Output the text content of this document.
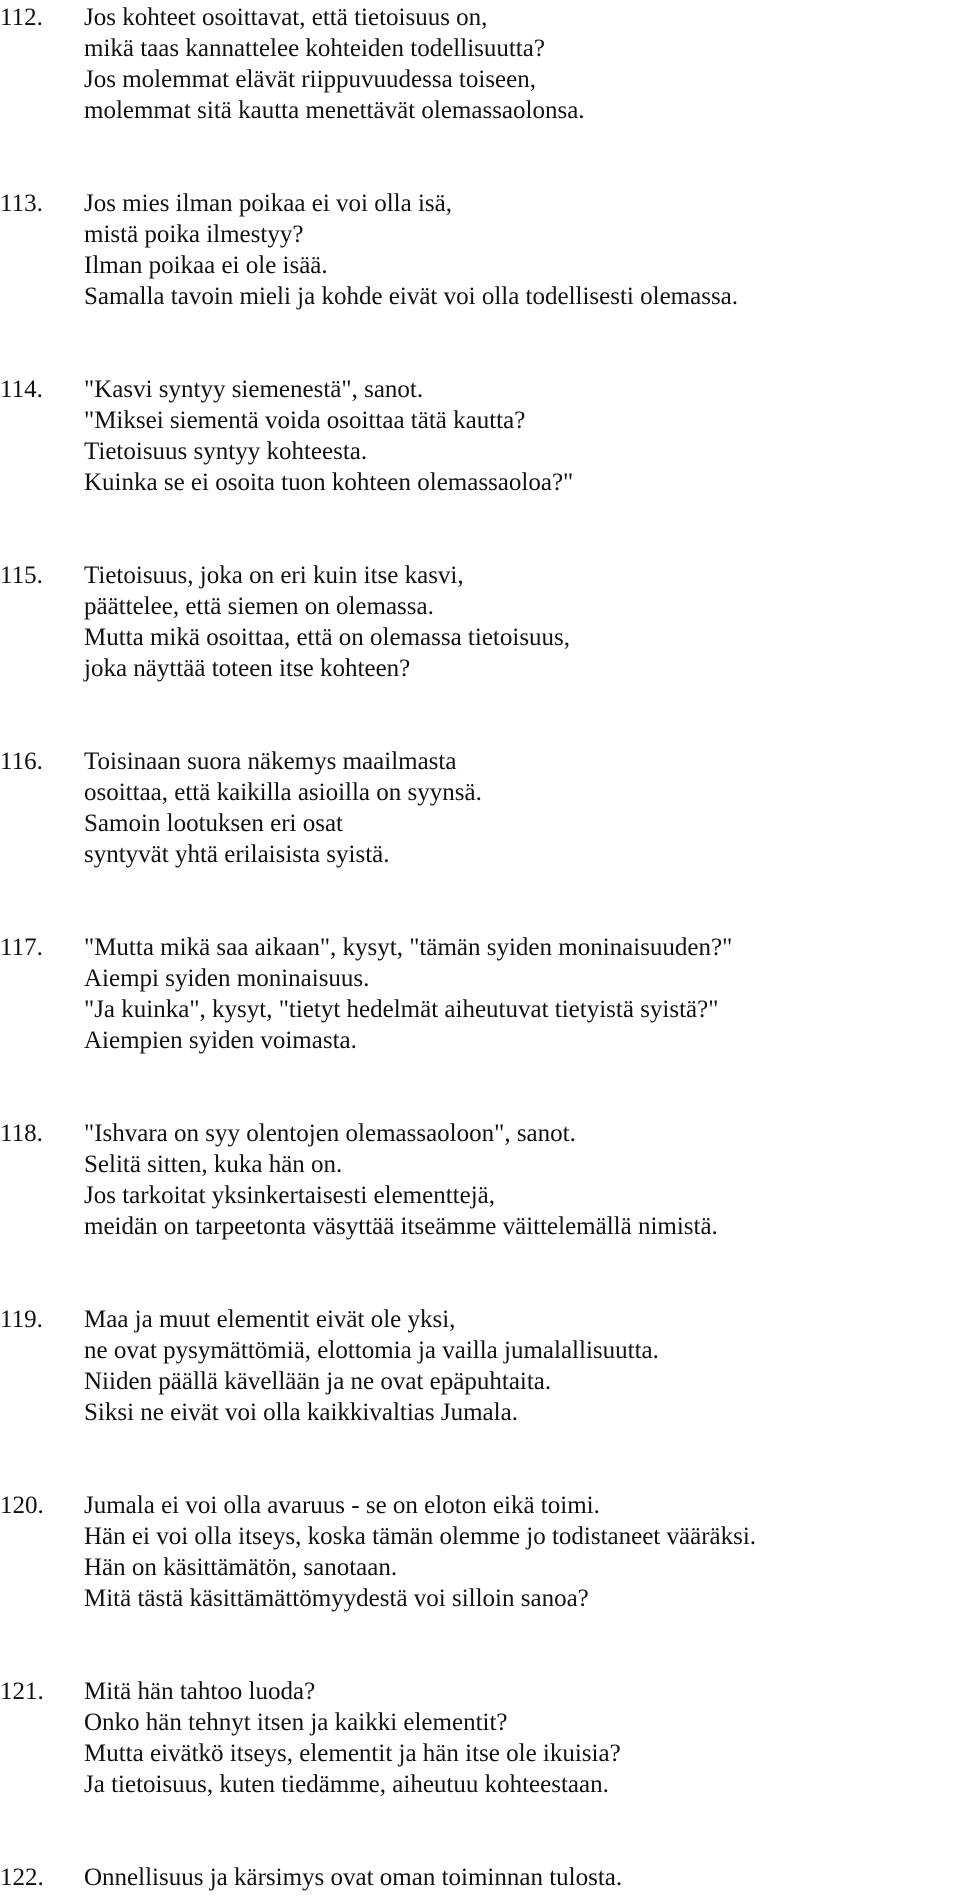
112.	Jos kohteet osoittavat, että tietoisuus on,
mikä taas kannattelee kohteiden todellisuutta?
Jos molemmat elävät riippuvuudessa toiseen,
molemmat sitä kautta menettävät olemassaolonsa.
113.	Jos mies ilman poikaa ei voi olla isä,
mistä poika ilmestyy?
Ilman poikaa ei ole isää.
Samalla tavoin mieli ja kohde eivät voi olla todellisesti olemassa.
114.	"Kasvi syntyy siemenestä", sanot.
"Miksei siementä voida osoittaa tätä kautta?
Tietoisuus syntyy kohteesta.
Kuinka se ei osoita tuon kohteen olemassaoloa?"
115.	Tietoisuus, joka on eri kuin itse kasvi,
päättelee, että siemen on olemassa.
Mutta mikä osoittaa, että on olemassa tietoisuus,
joka näyttää toteen itse kohteen?
116.	Toisinaan suora näkemys maailmasta
osoittaa, että kaikilla asioilla on syynsä.
Samoin lootuksen eri osat
syntyvät yhtä erilaisista syistä.
117.	"Mutta mikä saa aikaan", kysyt, "tämän syiden moninaisuuden?"
Aiempi syiden moninaisuus.
"Ja kuinka", kysyt, "tietyt hedelmät aiheutuvat tietyistä syistä?"
Aiempien syiden voimasta.
118.	"Ishvara on syy olentojen olemassaoloon", sanot.
Selitä sitten, kuka hän on.
Jos tarkoitat yksinkertaisesti elementtejä,
meidän on tarpeetonta väsyttää itseämme väittelemällä nimistä.
119.	Maa ja muut elementit eivät ole yksi,
ne ovat pysymättömiä, elottomia ja vailla jumalallisuutta.
Niiden päällä kävellään ja ne ovat epäpuhtaita.
Siksi ne eivät voi olla kaikkivaltias Jumala.
120.	Jumala ei voi olla avaruus - se on eloton eikä toimi.
Hän ei voi olla itseys, koska tämän olemme jo todistaneet vääräksi.
Hän on käsittämätön, sanotaan.
Mitä tästä käsittämättömyydestä voi silloin sanoa?
121.	Mitä hän tahtoo luoda?
Onko hän tehnyt itsen ja kaikki elementit?
Mutta eivätkö itseys, elementit ja hän itse ole ikuisia?
Ja tietoisuus, kuten tiedämme, aiheutuu kohteestaan.
122.	Onnellisuus ja kärsimys ovat oman toiminnan tulosta.
